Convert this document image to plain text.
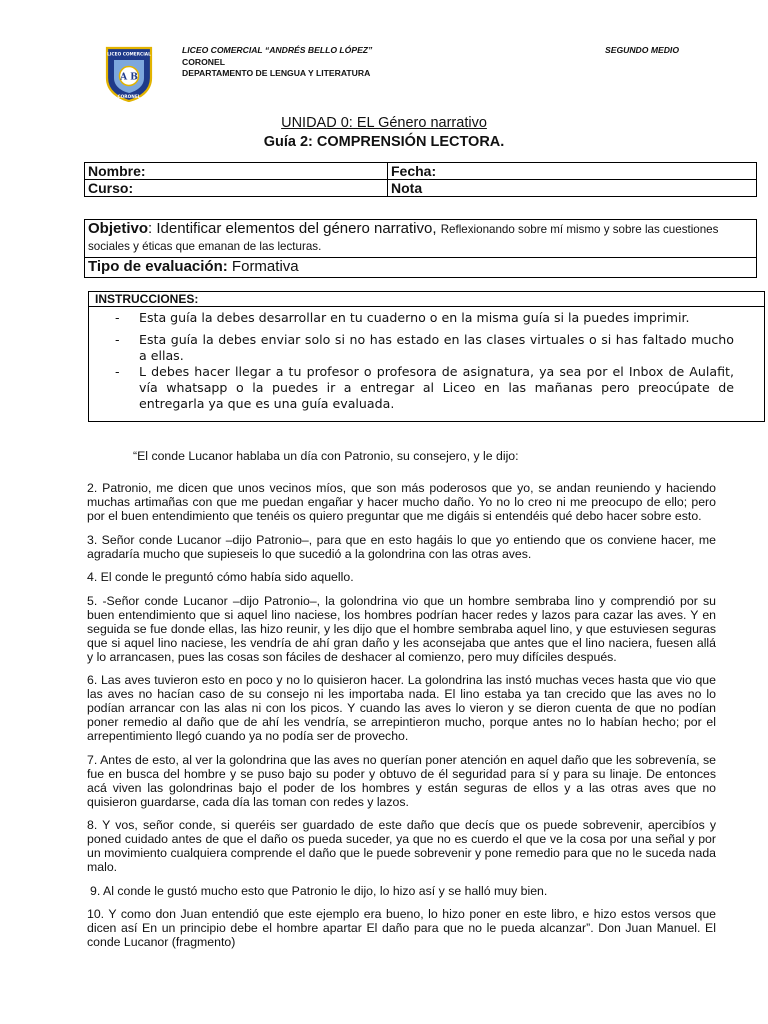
LICEO COMERCIAL
A B
CORONEL
LICEO COMERCIAL “ANDRÉS BELLO LÓPEZ”
CORONEL
DEPARTAMENTO DE LENGUA Y LITERATURA
SEGUNDO MEDIO
UNIDAD 0: EL Género narrativo
Guía 2: COMPRENSIÓN LECTORA.
Nombre:	Fecha:
Curso:	Nota
Objetivo: Identificar elementos del género narrativo, Reflexionando sobre mí mismo y sobre las cuestiones sociales y éticas que emanan de las lecturas.
Tipo de evaluación: Formativa
INSTRUCCIONES:
- Esta guía la debes desarrollar en tu cuaderno o en la misma guía si la puedes imprimir.
- Esta guía la debes enviar solo si no has estado en las clases virtuales o si has faltado mucho a ellas.
- L debes hacer llegar a tu profesor o profesora de asignatura, ya sea por el Inbox de Aulafit, vía whatsapp o la puedes ir a entregar al Liceo en las mañanas pero preocúpate de entregarla ya que es una guía evaluada.

“El conde Lucanor hablaba un día con Patronio, su consejero, y le dijo:

2. Patronio, me dicen que unos vecinos míos, que son más poderosos que yo, se andan reuniendo y haciendo muchas artimañas con que me puedan engañar y hacer mucho daño. Yo no lo creo ni me preocupo de ello; pero por el buen entendimiento que tenéis os quiero preguntar que me digáis si entendéis qué debo hacer sobre esto.

3. Señor conde Lucanor –dijo Patronio–, para que en esto hagáis lo que yo entiendo que os conviene hacer, me agradaría mucho que supieseis lo que sucedió a la golondrina con las otras aves.

4. El conde le preguntó cómo había sido aquello.

5. -Señor conde Lucanor –dijo Patronio–, la golondrina vio que un hombre sembraba lino y comprendió por su buen entendimiento que si aquel lino naciese, los hombres podrían hacer redes y lazos para cazar las aves. Y en seguida se fue donde ellas, las hizo reunir, y les dijo que el hombre sembraba aquel lino, y que estuviesen seguras que si aquel lino naciese, les vendría de ahí gran daño y les aconsejaba que antes que el lino naciera, fuesen allá y lo arrancasen, pues las cosas son fáciles de deshacer al comienzo, pero muy difíciles después.

6. Las aves tuvieron esto en poco y no lo quisieron hacer. La golondrina las instó muchas veces hasta que vio que las aves no hacían caso de su consejo ni les importaba nada. El lino estaba ya tan crecido que las aves no lo podían arrancar con las alas ni con los picos. Y cuando las aves lo vieron y se dieron cuenta de que no podían poner remedio al daño que de ahí les vendría, se arrepintieron mucho, porque antes no lo habían hecho; por el arrepentimiento llegó cuando ya no podía ser de provecho.

7. Antes de esto, al ver la golondrina que las aves no querían poner atención en aquel daño que les sobrevenía, se fue en busca del hombre y se puso bajo su poder y obtuvo de él seguridad para sí y para su linaje. De entonces acá viven las golondrinas bajo el poder de los hombres y están seguras de ellos y a las otras aves que no quisieron guardarse, cada día las toman con redes y lazos.

8. Y vos, señor conde, si queréis ser guardado de este daño que decís que os puede sobrevenir, apercibíos y poned cuidado antes de que el daño os pueda suceder, ya que no es cuerdo el que ve la cosa por una señal y por un movimiento cualquiera comprende el daño que le puede sobrevenir y pone remedio para que no le suceda nada malo.

9. Al conde le gustó mucho esto que Patronio le dijo, lo hizo así y se halló muy bien.

10. Y como don Juan entendió que este ejemplo era bueno, lo hizo poner en este libro, e hizo estos versos que dicen así En un principio debe el hombre apartar El daño para que no le pueda alcanzar”. Don Juan Manuel. El conde Lucanor (fragmento)
